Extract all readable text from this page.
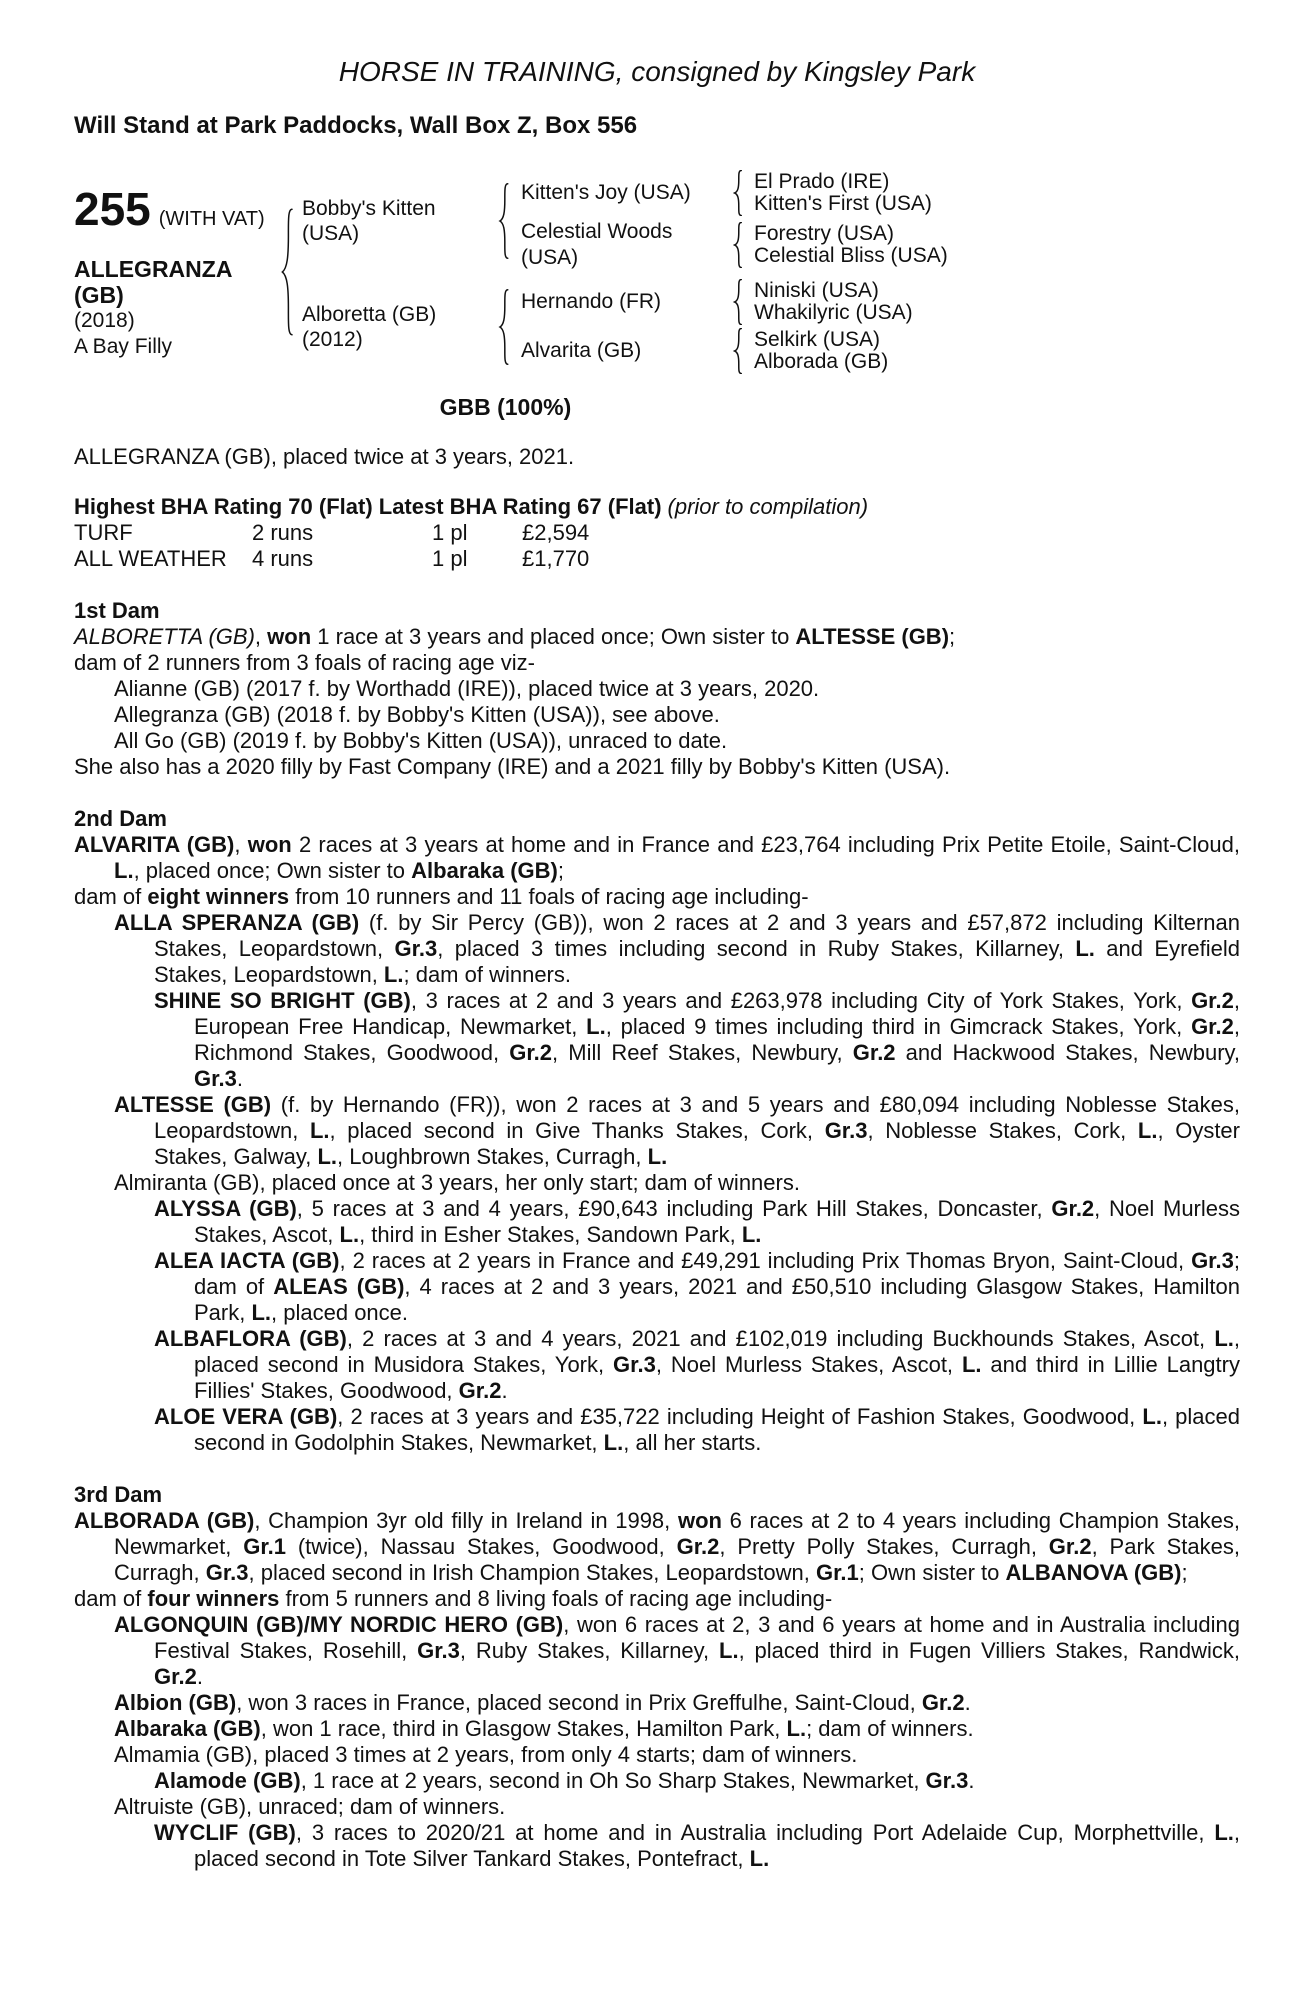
HORSE IN TRAINING, consigned by Kingsley Park
Will Stand at Park Paddocks, Wall Box Z, Box 556
255 (WITH VAT)
ALLEGRANZA (GB)
(2018)
A Bay Filly
Bobby's Kitten (USA)
Kitten's Joy (USA)	El Prado (IRE)
Kitten's First (USA)
Celestial Woods (USA)
Forestry (USA)
Celestial Bliss (USA)
Alboretta (GB)
(2012)
Hernando (FR)	Niniski (USA)
Whakilyric (USA)
Alvarita (GB)	Selkirk (USA)
Alborada (GB)
GBB (100%)
ALLEGRANZA (GB), placed twice at 3 years, 2021.
Highest BHA Rating 70 (Flat) Latest BHA Rating 67 (Flat) (prior to compilation)
TURF	2 runs	1 pl	£2,594
ALL WEATHER	4 runs	1 pl	£1,770
1st Dam
ALBORETTA (GB), won 1 race at 3 years and placed once; Own sister to ALTESSE (GB);
dam of 2 runners from 3 foals of racing age viz-
Alianne (GB) (2017 f. by Worthadd (IRE)), placed twice at 3 years, 2020.
Allegranza (GB) (2018 f. by Bobby's Kitten (USA)), see above.
All Go (GB) (2019 f. by Bobby's Kitten (USA)), unraced to date.
She also has a 2020 filly by Fast Company (IRE) and a 2021 filly by Bobby's Kitten (USA).
2nd Dam
ALVARITA (GB), won 2 races at 3 years at home and in France and £23,764 including Prix Petite Etoile, Saint-Cloud, L., placed once; Own sister to Albaraka (GB);
dam of eight winners from 10 runners and 11 foals of racing age including-
ALLA SPERANZA (GB) (f. by Sir Percy (GB)), won 2 races at 2 and 3 years and £57,872 including Kilternan Stakes, Leopardstown, Gr.3, placed 3 times including second in Ruby Stakes, Killarney, L. and Eyrefield Stakes, Leopardstown, L.; dam of winners.
SHINE SO BRIGHT (GB), 3 races at 2 and 3 years and £263,978 including City of York Stakes, York, Gr.2, European Free Handicap, Newmarket, L., placed 9 times including third in Gimcrack Stakes, York, Gr.2, Richmond Stakes, Goodwood, Gr.2, Mill Reef Stakes, Newbury, Gr.2 and Hackwood Stakes, Newbury, Gr.3.
ALTESSE (GB) (f. by Hernando (FR)), won 2 races at 3 and 5 years and £80,094 including Noblesse Stakes, Leopardstown, L., placed second in Give Thanks Stakes, Cork, Gr.3, Noblesse Stakes, Cork, L., Oyster Stakes, Galway, L., Loughbrown Stakes, Curragh, L.
Almiranta (GB), placed once at 3 years, her only start; dam of winners.
ALYSSA (GB), 5 races at 3 and 4 years, £90,643 including Park Hill Stakes, Doncaster, Gr.2, Noel Murless Stakes, Ascot, L., third in Esher Stakes, Sandown Park, L.
ALEA IACTA (GB), 2 races at 2 years in France and £49,291 including Prix Thomas Bryon, Saint-Cloud, Gr.3; dam of ALEAS (GB), 4 races at 2 and 3 years, 2021 and £50,510 including Glasgow Stakes, Hamilton Park, L., placed once.
ALBAFLORA (GB), 2 races at 3 and 4 years, 2021 and £102,019 including Buckhounds Stakes, Ascot, L., placed second in Musidora Stakes, York, Gr.3, Noel Murless Stakes, Ascot, L. and third in Lillie Langtry Fillies' Stakes, Goodwood, Gr.2.
ALOE VERA (GB), 2 races at 3 years and £35,722 including Height of Fashion Stakes, Goodwood, L., placed second in Godolphin Stakes, Newmarket, L., all her starts.
3rd Dam
ALBORADA (GB), Champion 3yr old filly in Ireland in 1998, won 6 races at 2 to 4 years including Champion Stakes, Newmarket, Gr.1 (twice), Nassau Stakes, Goodwood, Gr.2, Pretty Polly Stakes, Curragh, Gr.2, Park Stakes, Curragh, Gr.3, placed second in Irish Champion Stakes, Leopardstown, Gr.1; Own sister to ALBANOVA (GB);
dam of four winners from 5 runners and 8 living foals of racing age including-
ALGONQUIN (GB)/MY NORDIC HERO (GB), won 6 races at 2, 3 and 6 years at home and in Australia including Festival Stakes, Rosehill, Gr.3, Ruby Stakes, Killarney, L., placed third in Fugen Villiers Stakes, Randwick, Gr.2.
Albion (GB), won 3 races in France, placed second in Prix Greffulhe, Saint-Cloud, Gr.2.
Albaraka (GB), won 1 race, third in Glasgow Stakes, Hamilton Park, L.; dam of winners.
Almamia (GB), placed 3 times at 2 years, from only 4 starts; dam of winners.
Alamode (GB), 1 race at 2 years, second in Oh So Sharp Stakes, Newmarket, Gr.3.
Altruiste (GB), unraced; dam of winners.
WYCLIF (GB), 3 races to 2020/21 at home and in Australia including Port Adelaide Cup, Morphettville, L., placed second in Tote Silver Tankard Stakes, Pontefract, L.
